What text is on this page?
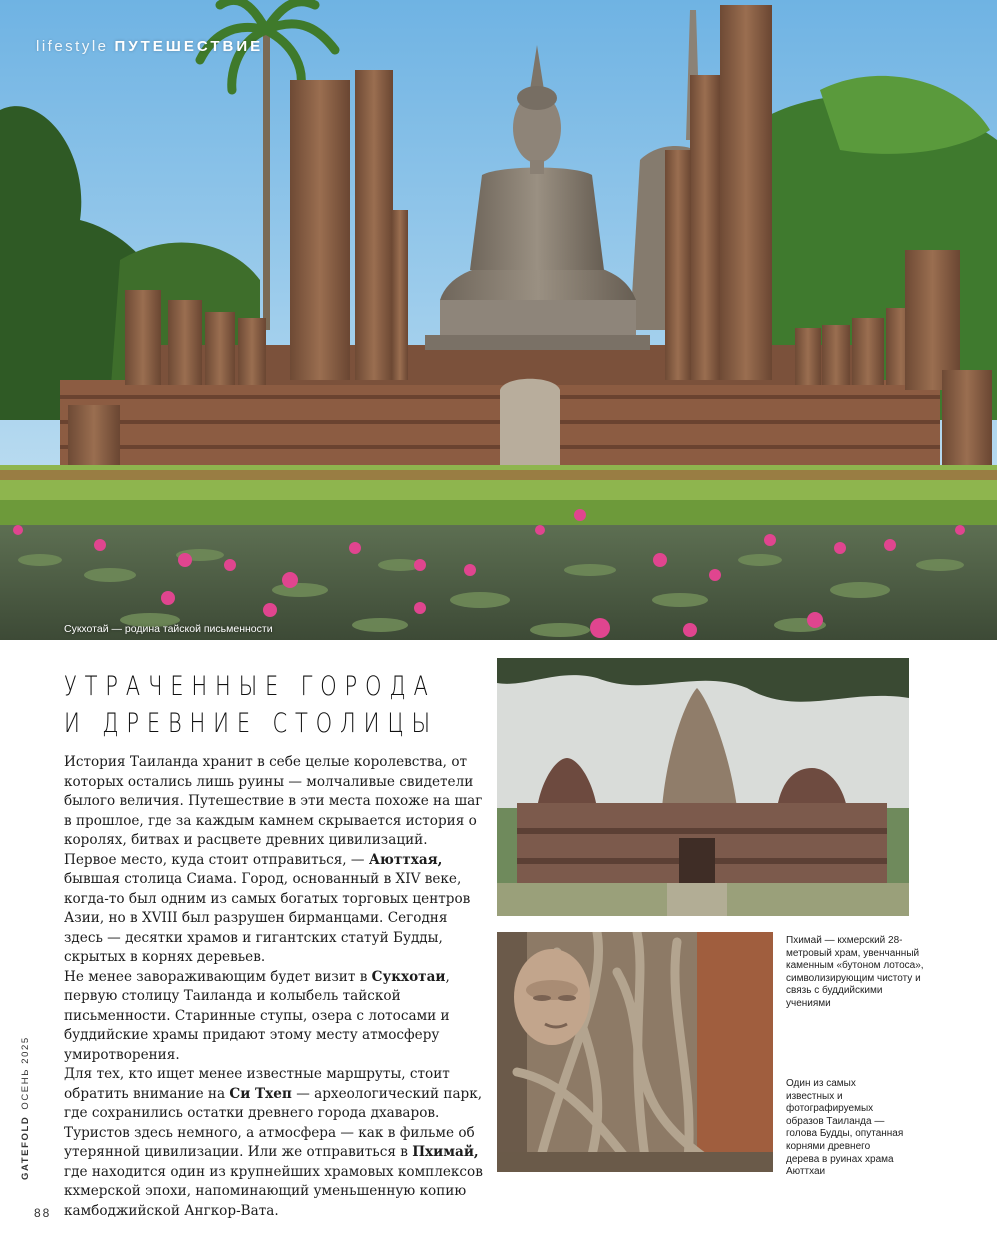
lifestyle ПУТЕШЕСТВИЕ
Сукхотай — родина тайской письменности
УТРАЧЕННЫЕ ГОРОДА
И ДРЕВНИЕ СТОЛИЦЫ

История Таиланда хранит в себе целые королевства, от которых остались лишь руины — молчаливые свидетели былого величия. Путешествие в эти места похоже на шаг в прошлое, где за каждым камнем скрывается история о королях, битвах и расцвете древних цивилизаций.

Первое место, куда стоит отправиться, — Аюттхая, бывшая столица Сиама. Город, основанный в XIV веке, когда-то был одним из самых богатых торговых центров Азии, но в XVIII был разрушен бирманцами. Сегодня здесь — десятки храмов и гигантских статуй Будды, скрытых в корнях деревьев.

Не менее завораживающим будет визит в Сукхотаи, первую столицу Таиланда и колыбель тайской письменности. Старинные ступы, озера с лотосами и буддийские храмы придают этому месту атмосферу умиротворения.

Для тех, кто ищет менее известные маршруты, стоит обратить внимание на Си Тхеп — археологический парк, где сохранились остатки древнего города дхаваров. Туристов здесь немного, а атмосфера — как в фильме об утерянной цивилизации. Или же отправиться в Пхимай, где находится один из крупнейших храмовых комплексов кхмерской эпохи, напоминающий уменьшенную копию камбоджийской Ангкор-Вата.

Пхимай — кхмерский 28-метровый храм, увенчанный каменным «бутоном лотоса», символизирующим чистоту и связь с буддийскими учениями
Один из самых известных и фотографируемых образов Таиланда — голова Будды, опутанная корнями древнего дерева в руинах храма Аюттхаи
GATEFOLDОСЕНЬ 2025
88
